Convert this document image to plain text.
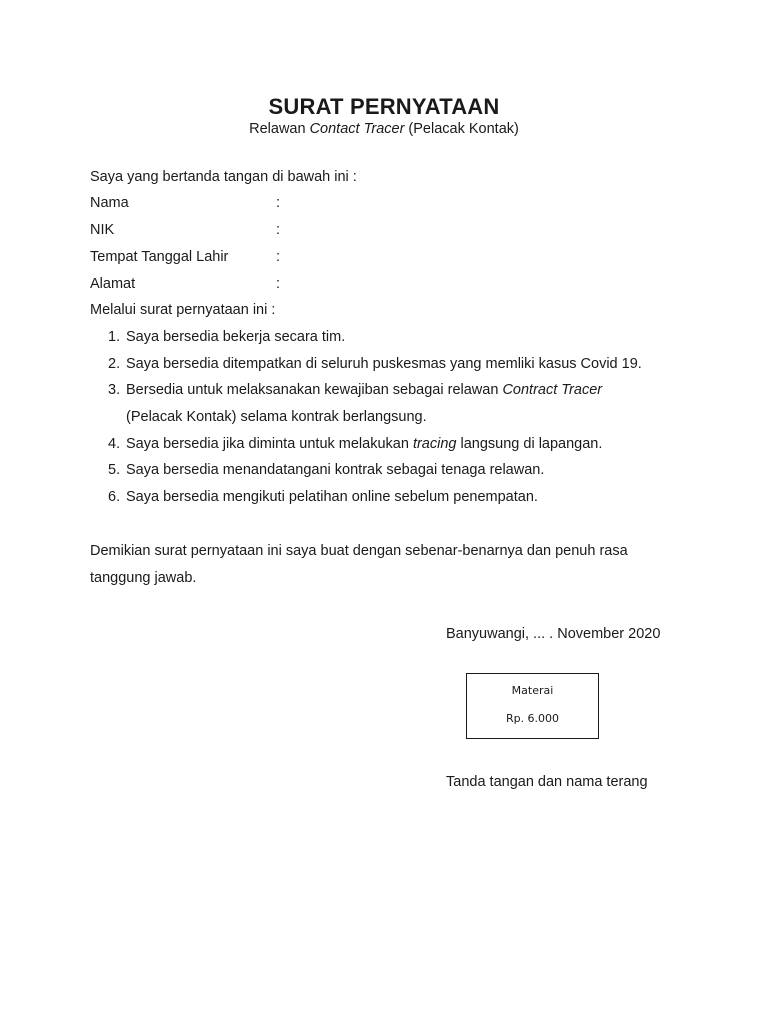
SURAT PERNYATAAN
Relawan Contact Tracer (Pelacak Kontak)
Saya yang bertanda tangan di bawah ini :
Nama	:
NIK	:
Tempat Tanggal Lahir	:
Alamat	:
Melalui surat pernyataan ini :
1. Saya bersedia bekerja secara tim.
2. Saya bersedia ditempatkan di seluruh puskesmas yang memliki kasus Covid 19.
3. Bersedia untuk melaksanakan kewajiban sebagai relawan Contract Tracer
(Pelacak Kontak) selama kontrak berlangsung.
4. Saya bersedia jika diminta untuk melakukan tracing langsung di lapangan.
5. Saya bersedia menandatangani kontrak sebagai tenaga relawan.
6. Saya bersedia mengikuti pelatihan online sebelum penempatan.
Demikian surat pernyataan ini saya buat dengan sebenar-benarnya dan penuh rasa
tanggung jawab.
Banyuwangi, ... . November 2020
Materai
Rp. 6.000
Tanda tangan dan nama terang
